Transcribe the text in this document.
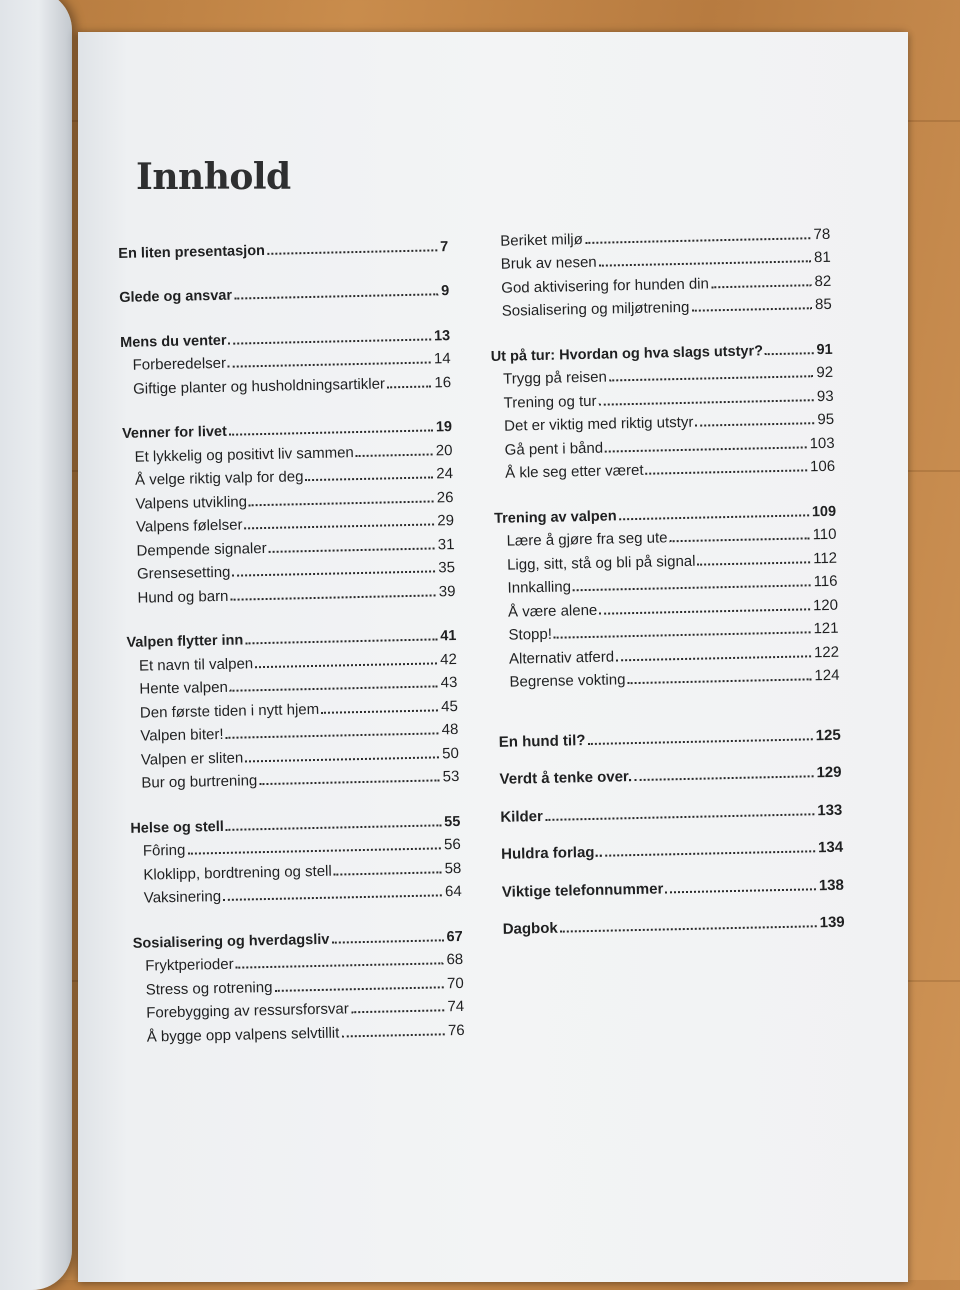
Innhold
En liten presentasjon	7
Glede og ansvar	9
Mens du venter	13
Forberedelser	14
Giftige planter og husholdningsartikler	16
Venner for livet	19
Et lykkelig og positivt liv sammen	20
Å velge riktig valp for deg	24
Valpens utvikling	26
Valpens følelser	29
Dempende signaler	31
Grensesetting	35
Hund og barn	39
Valpen flytter inn	41
Et navn til valpen	42
Hente valpen	43
Den første tiden i nytt hjem	45
Valpen biter!	48
Valpen er sliten	50
Bur og burtrening	53
Helse og stell	55
Fôring	56
Kloklipp, bordtrening og stell	58
Vaksinering	64
Sosialisering og hverdagsliv	67
Fryktperioder	68
Stress og rotrening	70
Forebygging av ressursforsvar	74
Å bygge opp valpens selvtillit	76
Beriket miljø	78
Bruk av nesen	81
God aktivisering for hunden din	82
Sosialisering og miljøtrening	85
Ut på tur: Hvordan og hva slags utstyr?	91
Trygg på reisen	92
Trening og tur	93
Det er viktig med riktig utstyr	95
Gå pent i bånd	103
Å kle seg etter været	106
Trening av valpen	109
Lære å gjøre fra seg ute	110
Ligg, sitt, stå og bli på signal	112
Innkalling	116
Å være alene	120
Stopp!	121
Alternativ atferd	122
Begrense vokting	124
En hund til?	125
Verdt å tenke over.	129
Kilder	133
Huldra forlag..	134
Viktige telefonnummer	138
Dagbok	139
